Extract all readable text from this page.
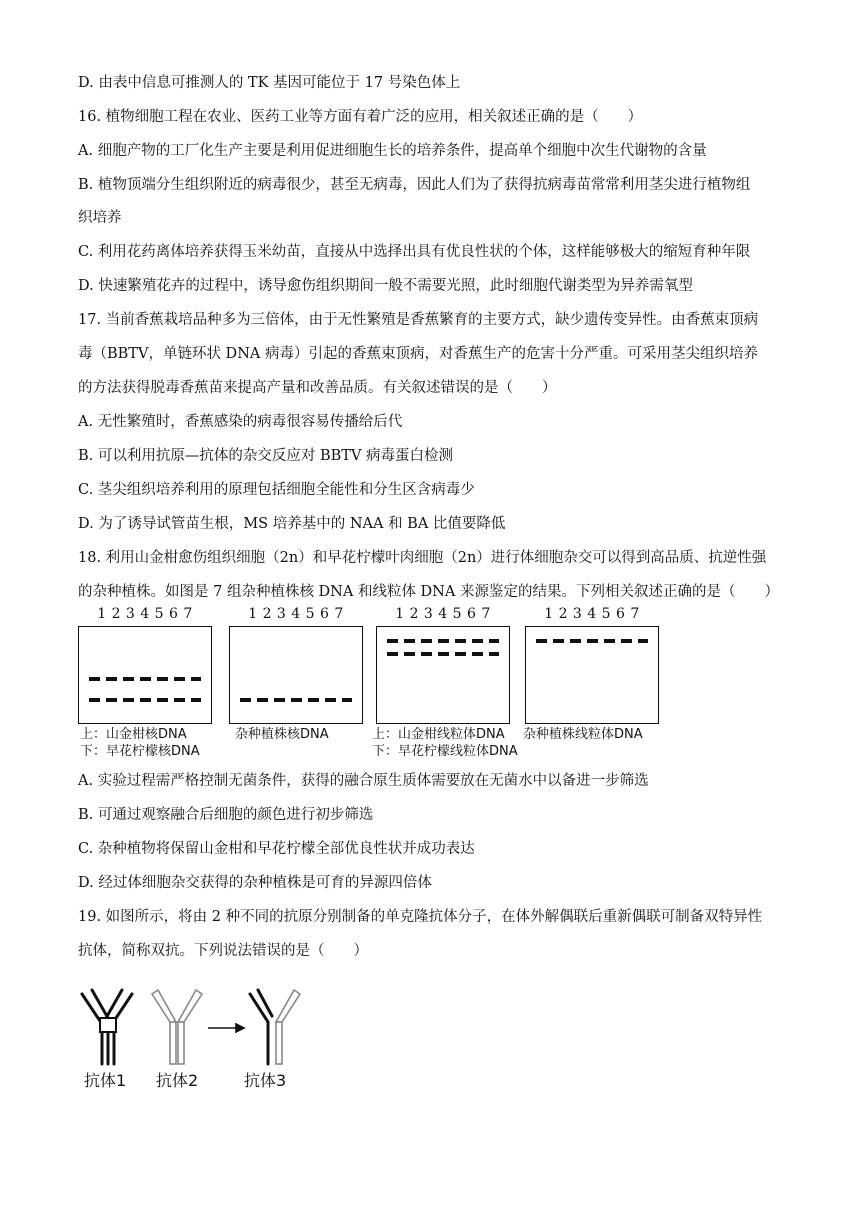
D. 由表中信息可推测人的 TK 基因可能位于 17 号染色体上
16. 植物细胞工程在农业、医药工业等方面有着广泛的应用，相关叙述正确的是（　　）
A. 细胞产物的工厂化生产主要是利用促进细胞生长的培养条件，提高单个细胞中次生代谢物的含量
B. 植物顶端分生组织附近的病毒很少，甚至无病毒，因此人们为了获得抗病毒苗常常利用茎尖进行植物组
织培养
C. 利用花药离体培养获得玉米幼苗，直接从中选择出具有优良性状的个体，这样能够极大的缩短育种年限
D. 快速繁殖花卉的过程中，诱导愈伤组织期间一般不需要光照，此时细胞代谢类型为异养需氧型
17. 当前香蕉栽培品种多为三倍体，由于无性繁殖是香蕉繁育的主要方式，缺少遗传变异性。由香蕉束顶病
毒（BBTV，单链环状 DNA 病毒）引起的香蕉束顶病，对香蕉生产的危害十分严重。可采用茎尖组织培养
的方法获得脱毒香蕉苗来提高产量和改善品质。有关叙述错误的是（　　）
A. 无性繁殖时，香蕉感染的病毒很容易传播给后代
B. 可以利用抗原—抗体的杂交反应对 BBTV 病毒蛋白检测
C. 茎尖组织培养利用的原理包括细胞全能性和分生区含病毒少
D. 为了诱导试管苗生根，MS 培养基中的 NAA 和 BA 比值要降低
18. 利用山金柑愈伤组织细胞（2n）和早花柠檬叶肉细胞（2n）进行体细胞杂交可以得到高品质、抗逆性强
的杂种植株。如图是 7 组杂种植株核 DNA 和线粒体 DNA 来源鉴定的结果。下列相关叙述正确的是（　　）
1 2 3 4 5 6 7
上：山金柑核DNA
下：早花柠檬核DNA
1 2 3 4 5 6 7
杂种植株核DNA
1 2 3 4 5 6 7
上：山金柑线粒体DNA
下：早花柠檬线粒体DNA
1 2 3 4 5 6 7
杂种植株线粒体DNA
A. 实验过程需严格控制无菌条件，获得的融合原生质体需要放在无菌水中以备进一步筛选
B. 可通过观察融合后细胞的颜色进行初步筛选
C. 杂种植物将保留山金柑和早花柠檬全部优良性状并成功表达
D. 经过体细胞杂交获得的杂种植株是可育的异源四倍体
19. 如图所示，将由 2 种不同的抗原分别制备的单克隆抗体分子，在体外解偶联后重新偶联可制备双特异性
抗体，简称双抗。下列说法错误的是（　　）
抗体1 抗体2	抗体3
